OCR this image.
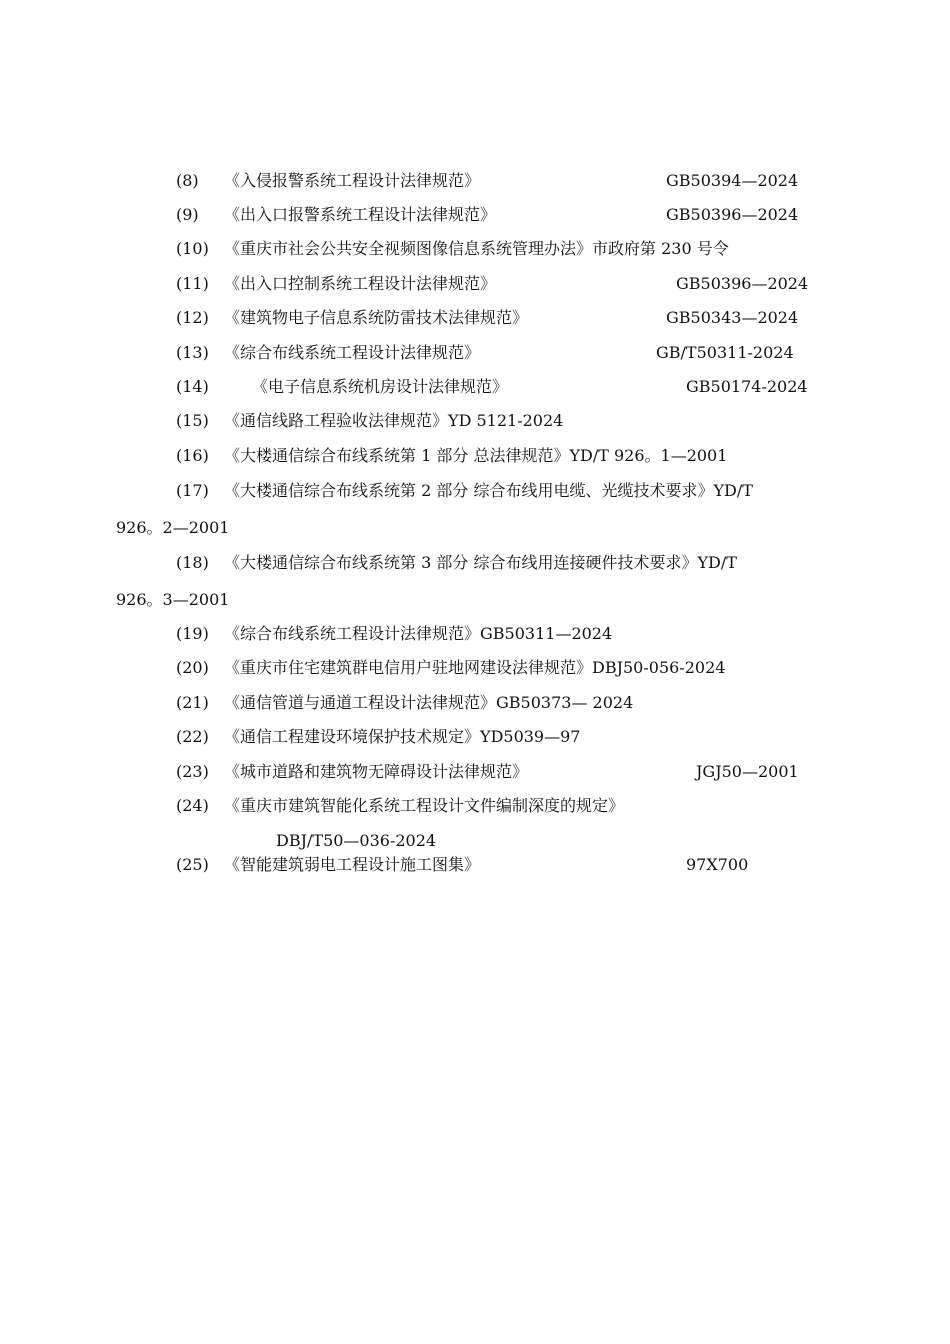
(8) 《入侵报警系统工程设计法律规范》	GB50394—2024
(9) 《出入口报警系统工程设计法律规范》	GB50396—2024
(10) 《重庆市社会公共安全视频图像信息系统管理办法》市政府第 230 号令
(11) 《出入口控制系统工程设计法律规范》	GB50396—2024
(12) 《建筑物电子信息系统防雷技术法律规范》	GB50343—2024
(13) 《综合布线系统工程设计法律规范》	GB/T50311-2024
(14)	《电子信息系统机房设计法律规范》	GB50174-2024
(15) 《通信线路工程验收法律规范》YD 5121-2024
(16) 《大楼通信综合布线系统第 1 部分 总法律规范》YD/T 926。1—2001
(17) 《大楼通信综合布线系统第 2 部分 综合布线用电缆、光缆技术要求》YD/T
926。2—2001
(18) 《大楼通信综合布线系统第 3 部分 综合布线用连接硬件技术要求》YD/T
926。3—2001
(19) 《综合布线系统工程设计法律规范》GB50311—2024
(20) 《重庆市住宅建筑群电信用户驻地网建设法律规范》DBJ50-056-2024
(21) 《通信管道与通道工程设计法律规范》GB50373— 2024
(22) 《通信工程建设环境保护技术规定》YD5039—97
(23) 《城市道路和建筑物无障碍设计法律规范》	JGJ50—2001
(24) 《重庆市建筑智能化系统工程设计文件编制深度的规定》
DBJ/T50—036-2024
(25) 《智能建筑弱电工程设计施工图集》	97X700
